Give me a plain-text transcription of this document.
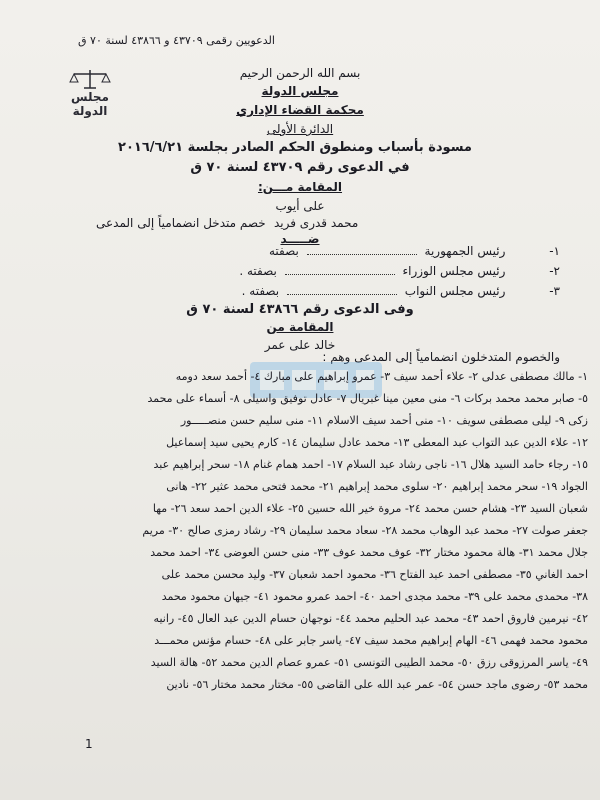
الدعويين رقمى ٤٣٧٠٩ و ٤٣٨٦٦ لسنة ٧٠ ق
مجلس الدولة
بسم الله الرحمن الرحيم
مجلس الدولة
محكمة القضاء الإداري
الدائرة الأولى
مسودة بأسباب ومنطوق الحكم الصادر بجلسة ٢٠١٦/٦/٢١
في الدعوى رقم ٤٣٧٠٩ لسنة ٧٠ ق
المقامة مـــن:
على أيوب
محمد قدرى فريد
خصم متدخل انضمامياً إلى المدعى
ضـــــد
١- رئيس الجمهورية  بصفته
٢- رئيس مجلس الوزراء  بصفته .
٣- رئيس مجلس النواب  بصفته .
وفى الدعوى رقم ٤٣٨٦٦ لسنة ٧٠ ق
المقامة من
خالد على عمر
والخصوم المتدخلون انضمامياً إلى المدعى وهم :
١- مالك مصطفى عدلى ٢- علاء أحمد سيف ٣- عمرو إبراهيم على مبارك ٤- أحمد سعد دومه
٥- صابر محمد محمد بركات ٦- منى معين مينا غبريال ٧- عادل توفيق واسيلى ٨- أسماء على محمد
زكى ٩- ليلى مصطفى سويف ١٠- منى أحمد سيف الاسلام ١١- منى سليم حسن منصـــــور
١٢- علاء الدين عبد التواب عبد المعطى ١٣- محمد عادل سليمان ١٤- كارم يحيى سيد إسماعيل
١٥- رجاء حامد السيد هلال ١٦- ناجى رشاد عبد السلام ١٧- احمد همام غنام ١٨- سحر إبراهيم عبد
الجواد ١٩- سحر محمد إبراهيم ٢٠- سلوى محمد إبراهيم ٢١- محمد فتحى محمد عثير ٢٢- هانى
شعبان السيد ٢٣- هشام حسن محمد ٢٤- مروة خير الله حسين ٢٥- علاء الدين احمد سعد ٢٦- مها
جعفر صولت ٢٧- محمد عبد الوهاب محمد ٢٨- سعاد محمد سليمان ٢٩- رشاد رمزى صالح ٣٠- مريم
جلال محمد ٣١- هالة محمود مختار ٣٢- عوف محمد عوف ٣٣- منى حسن العوضى ٣٤- احمد محمد
احمد الغاني ٣٥- مصطفى احمد عبد الفتاح ٣٦- محمود احمد شعبان ٣٧- وليد محسن محمد على
٣٨- محمدى محمد على ٣٩- محمد مجدى احمد ٤٠- احمد عمرو محمود ٤١- جيهان محمود محمد
٤٢- نيرمين فاروق احمد ٤٣- محمد عبد الحليم محمد ٤٤- نوجهان حسام الدين عبد العال ٤٥- رانيه
محمود محمد فهمى ٤٦- الهام إبراهيم محمد سيف ٤٧- ياسر جابر على ٤٨- حسام مؤنس محمـــد
٤٩- ياسر المرزوقى رزق ٥٠- محمد الطيبى التونسى ٥١- عمرو عصام الدين محمد ٥٢- هالة السيد
محمد ٥٣- رضوى ماجد حسن ٥٤- عمر عبد الله على القاضى ٥٥- مختار محمد مختار ٥٦- نادين
1
